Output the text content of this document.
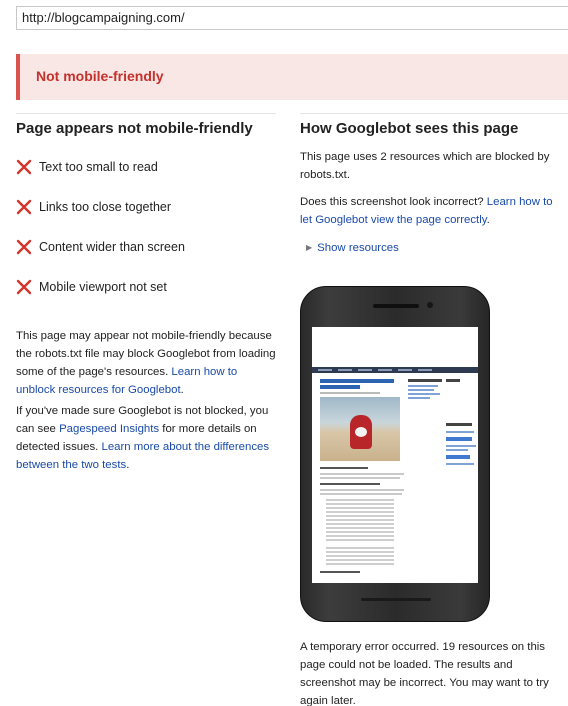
http://blogcampaigning.com/
Not mobile-friendly
Page appears not mobile-friendly
Text too small to read
Links too close together
Content wider than screen
Mobile viewport not set
This page may appear not mobile-friendly because the robots.txt file may block Googlebot from loading some of the page's resources. Learn how to unblock resources for Googlebot.
If you've made sure Googlebot is not blocked, you can see Pagespeed Insights for more details on detected issues. Learn more about the differences between the two tests.
How Googlebot sees this page
This page uses 2 resources which are blocked by robots.txt.
Does this screenshot look incorrect? Learn how to let Googlebot view the page correctly.
▶ Show resources
A temporary error occurred. 19 resources on this page could not be loaded. The results and screenshot may be incorrect. You may want to try again later.
